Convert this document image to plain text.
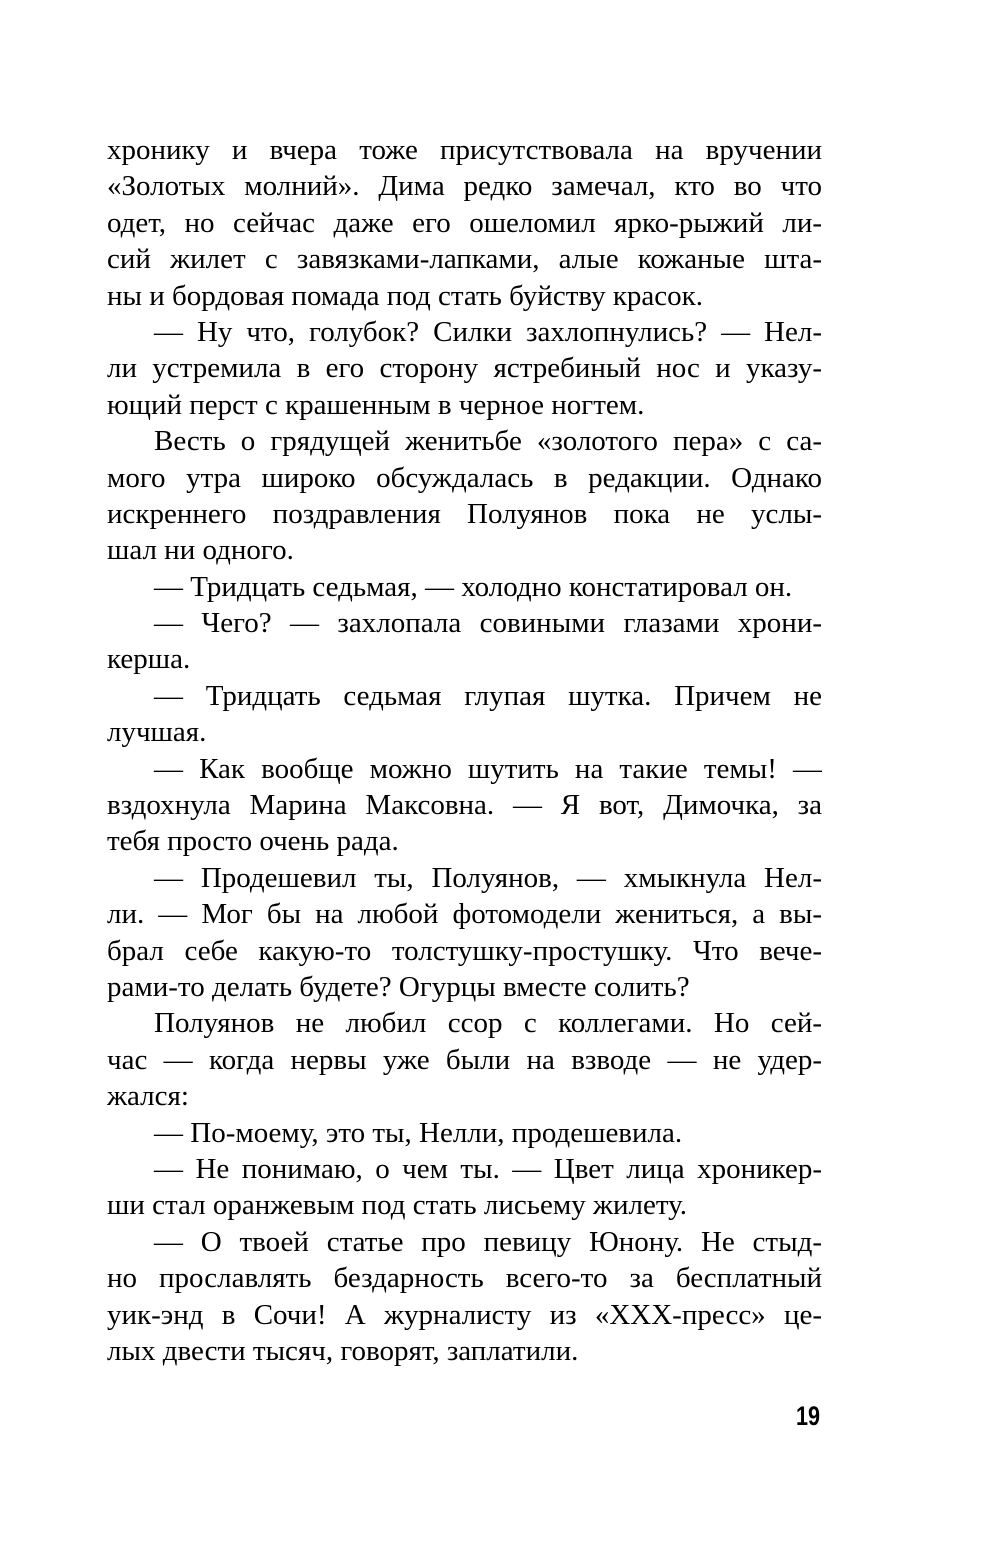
хронику и вчера тоже присутствовала на вручении
«Золотых молний». Дима редко замечал, кто во что
одет, но сейчас даже его ошеломил ярко-рыжий ли-
сий жилет с завязками-лапками, алые кожаные шта-
ны и бордовая помада под стать буйству красок.
— Ну что, голубок? Силки захлопнулись? — Нел-
ли устремила в его сторону ястребиный нос и указу-
ющий перст с крашенным в черное ногтем.
Весть о грядущей женитьбе «золотого пера» с са-
мого утра широко обсуждалась в редакции. Однако
искреннего поздравления Полуянов пока не услы-
шал ни одного.
— Тридцать седьмая, — холодно констатировал он.
— Чего? — захлопала совиными глазами хрони-
керша.
— Тридцать седьмая глупая шутка. Причем не
лучшая.
— Как вообще можно шутить на такие темы! —
вздохнула Марина Максовна. — Я вот, Димочка, за
тебя просто очень рада.
— Продешевил ты, Полуянов, — хмыкнула Нел-
ли. — Мог бы на любой фотомодели жениться, а вы-
брал себе какую-то толстушку-простушку. Что вече-
рами-то делать будете? Огурцы вместе солить?
Полуянов не любил ссор с коллегами. Но сей-
час — когда нервы уже были на взводе — не удер-
жался:
— По-моему, это ты, Нелли, продешевила.
— Не понимаю, о чем ты. — Цвет лица хроникер-
ши стал оранжевым под стать лисьему жилету.
— О твоей статье про певицу Юнону. Не стыд-
но прославлять бездарность всего-то за бесплатный
уик-энд в Сочи! А журналисту из «ХХХ-пресс» це-
лых двести тысяч, говорят, заплатили.
19
